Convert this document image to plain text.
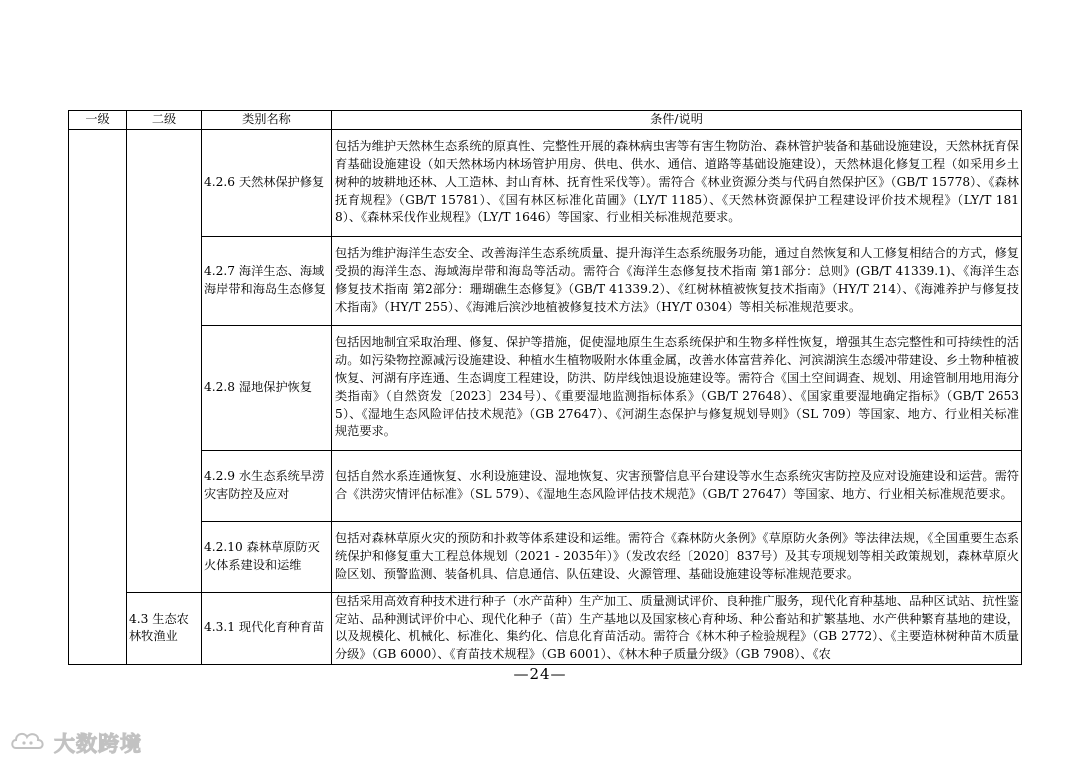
一级	二级	类别名称	条件/说明
		4.2.6 天然林保护修复	包括为维护天然林生态系统的原真性、完整性开展的森林病虫害等有害生物防治、森林管护装备和基础设施建设，天然林抚育保育基础设施建设（如天然林场内林场管护用房、供电、供水、通信、道路等基础设施建设），天然林退化修复工程（如采用乡土树种的坡耕地还林、人工造林、封山育林、抚育性采伐等）。需符合《林业资源分类与代码自然保护区》（GB/T 15778）、《森林抚育规程》（GB/T 15781）、《国有林区标准化苗圃》（LY/T 1185）、《天然林资源保护工程建设评价技术规程》（LY/T 1818）、《森林采伐作业规程》（LY/T 1646）等国家、行业相关标准规范要求。
		4.2.7 海洋生态、海域海岸带和海岛生态修复	包括为维护海洋生态安全、改善海洋生态系统质量、提升海洋生态系统服务功能，通过自然恢复和人工修复相结合的方式，修复受损的海洋生态、海域海岸带和海岛等活动。需符合《海洋生态修复技术指南 第1部分：总则》(GB/T 41339.1)、《海洋生态修复技术指南 第2部分：珊瑚礁生态修复》（GB/T 41339.2）、《红树林植被恢复技术指南》（HY/T 214）、《海滩养护与修复技术指南》（HY/T 255）、《海滩后滨沙地植被修复技术方法》（HY/T 0304）等相关标准规范要求。
		4.2.8 湿地保护恢复	包括因地制宜采取治理、修复、保护等措施，促使湿地原生生态系统保护和生物多样性恢复，增强其生态完整性和可持续性的活动。如污染物控源减污设施建设、种植水生植物吸附水体重金属，改善水体富营养化、河滨湖滨生态缓冲带建设、乡土物种植被恢复、河湖有序连通、生态调度工程建设，防洪、防岸线蚀退设施建设等。需符合《国土空间调查、规划、用途管制用地用海分类指南》（自然资发〔2023〕234号）、《重要湿地监测指标体系》（GB/T 27648）、《国家重要湿地确定指标》（GB/T 26535）、《湿地生态风险评估技术规范》（GB 27647）、《河湖生态保护与修复规划导则》（SL 709）等国家、地方、行业相关标准规范要求。
		4.2.9 水生态系统旱涝灾害防控及应对	包括自然水系连通恢复、水利设施建设、湿地恢复、灾害预警信息平台建设等水生态系统灾害防控及应对设施建设和运营。需符合《洪涝灾情评估标准》（SL 579）、《湿地生态风险评估技术规范》（GB/T 27647）等国家、地方、行业相关标准规范要求。
		4.2.10 森林草原防灭火体系建设和运维	包括对森林草原火灾的预防和扑救等体系建设和运维。需符合《森林防火条例》《草原防火条例》等法律法规，《全国重要生态系统保护和修复重大工程总体规划（2021 - 2035年）》（发改农经〔2020〕837号）及其专项规划等相关政策规划，森林草原火险区划、预警监测、装备机具、信息通信、队伍建设、火源管理、基础设施建设等标准规范要求。
	4.3 生态农林牧渔业	4.3.1 现代化育种育苗	包括采用高效育种技术进行种子（水产苗种）生产加工、质量测试评价、良种推广服务，现代化育种基地、品种区试站、抗性鉴定站、品种测试评价中心、现代化种子（苗）生产基地以及国家核心育种场、种公畜站和扩繁基地、水产供种繁育基地的建设，以及规模化、机械化、标准化、集约化、信息化育苗活动。需符合《林木种子检验规程》（GB 2772）、《主要造林树种苗木质量分级》（GB 6000）、《育苗技术规程》（GB 6001）、《林木种子质量分级》（GB 7908）、《农
—24—
大数跨境
